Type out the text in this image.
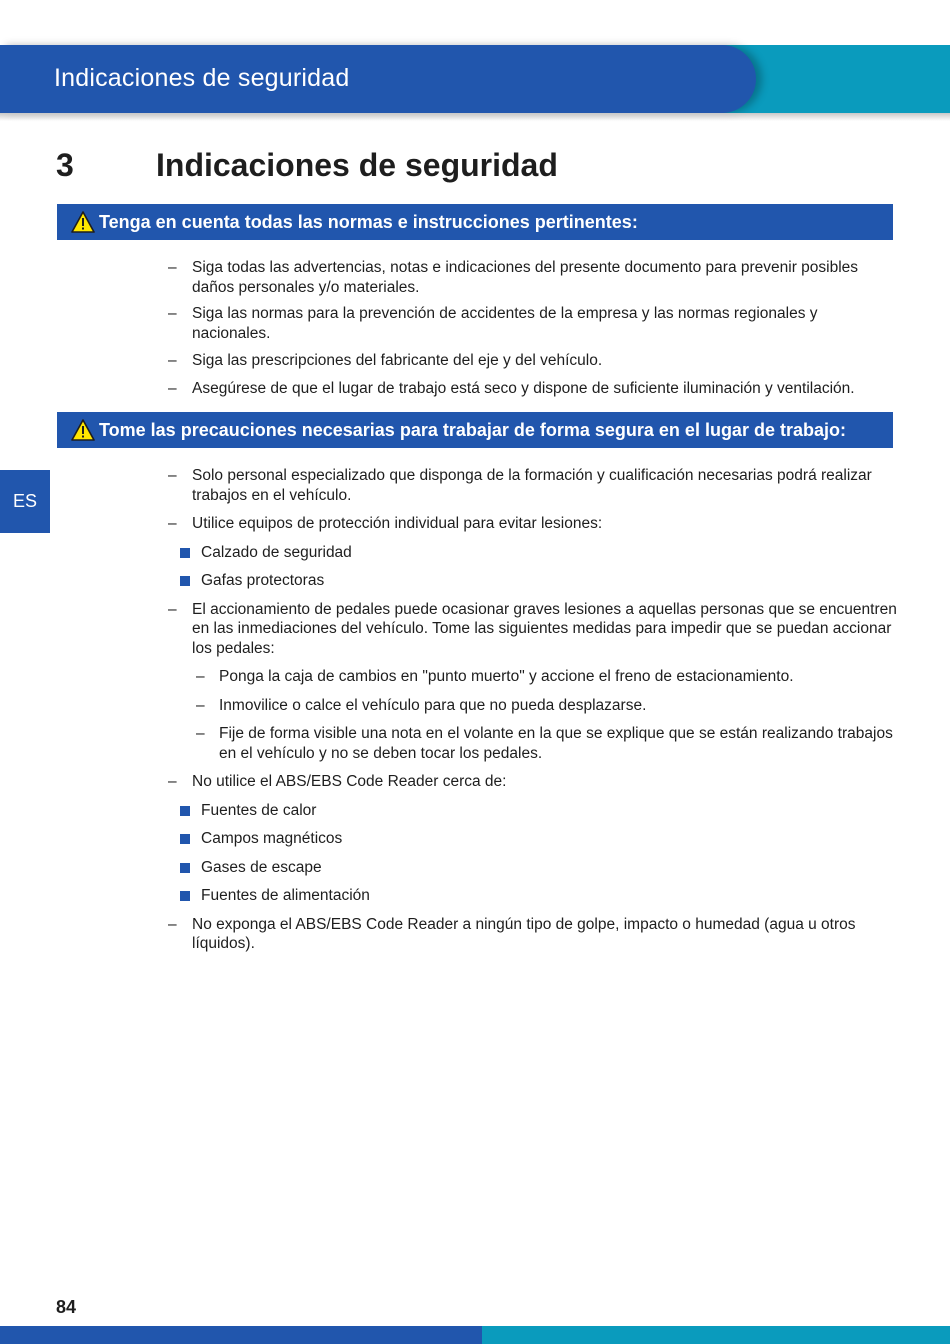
Indicaciones de seguridad
3	Indicaciones de seguridad
Tenga en cuenta todas las normas e instrucciones pertinentes:
– Siga todas las advertencias, notas e indicaciones del presente documento para prevenir posibles daños personales y/o materiales.
– Siga las normas para la prevención de accidentes de la empresa y las normas regionales y nacionales.
– Siga las prescripciones del fabricante del eje y del vehículo.
– Asegúrese de que el lugar de trabajo está seco y dispone de suficiente iluminación y ventilación.
Tome las precauciones necesarias para trabajar de forma segura en el lugar de trabajo:
ES
– Solo personal especializado que disponga de la formación y cualificación necesarias podrá realizar trabajos en el vehículo.
– Utilice equipos de protección individual para evitar lesiones:
Calzado de seguridad
Gafas protectoras
– El accionamiento de pedales puede ocasionar graves lesiones a aquellas personas que se encuentren en las inmediaciones del vehículo. Tome las siguientes medidas para impedir que se puedan accionar los pedales:
– Ponga la caja de cambios en "punto muerto" y accione el freno de estacionamiento.
– Inmovilice o calce el vehículo para que no pueda desplazarse.
– Fije de forma visible una nota en el volante en la que se explique que se están realizando trabajos en el vehículo y no se deben tocar los pedales.
– No utilice el ABS/EBS Code Reader cerca de:
Fuentes de calor
Campos magnéticos
Gases de escape
Fuentes de alimentación
– No exponga el ABS/EBS Code Reader a ningún tipo de golpe, impacto o humedad (agua u otros líquidos).
84
